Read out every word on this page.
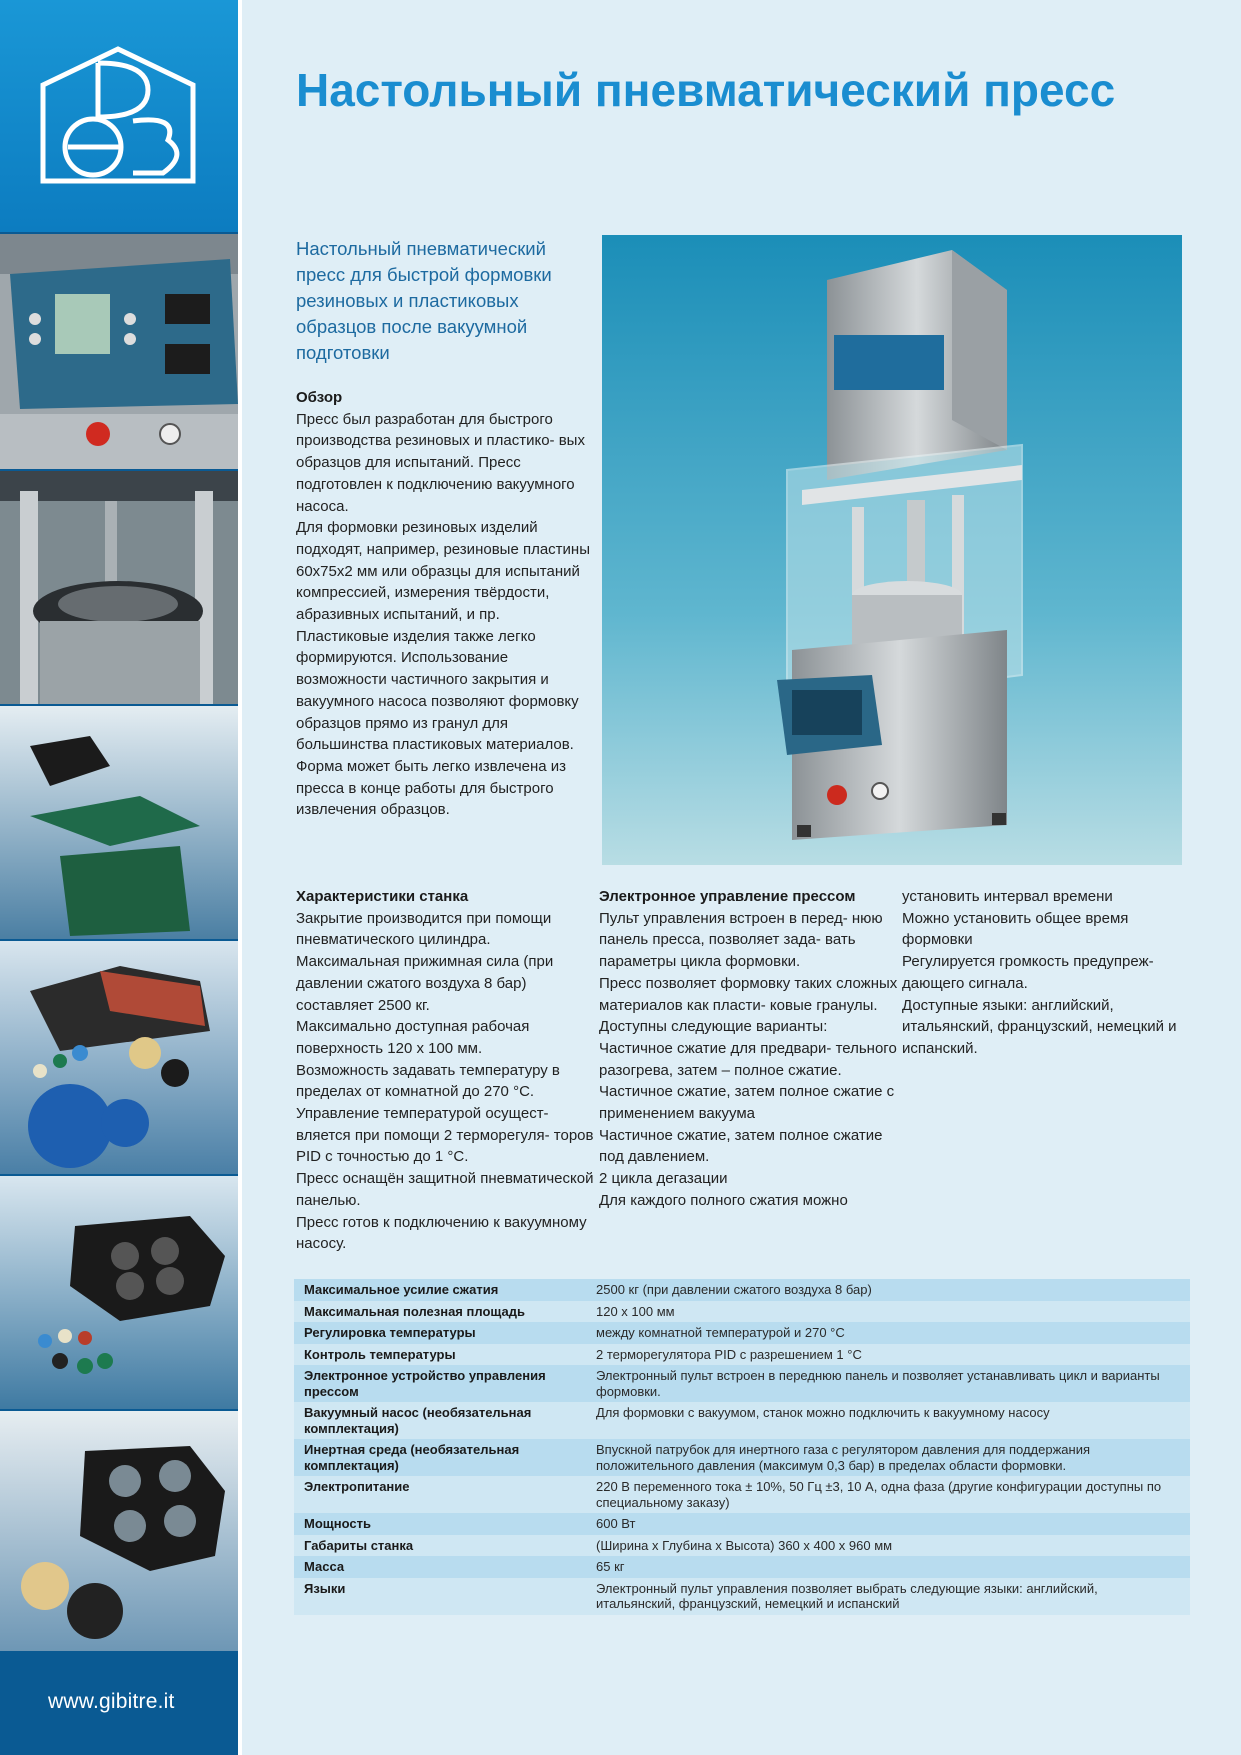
www.gibitre.it
Настольный пневматический пресс

Настольный пневматический пресс для быстрой формовки резиновых и пластиковых образцов после вакуумной подготовки

Обзор

Пресс был разработан для быстрого производства резиновых и пластико- вых образцов для испытаний. Пресс подготовлен к подключению вакуумного насоса.

Для формовки резиновых изделий подходят, например, резиновые пластины 60х75х2 мм или образцы для испытаний компрессией, измерения твёрдости, абразивных испытаний, и пр.

Пластиковые изделия также легко формируются. Использование возможности частичного закрытия и вакуумного насоса позволяют формовку образцов прямо из гранул для большинства пластиковых материалов.

Форма может быть легко извлечена из пресса в конце работы для быстрого извлечения образцов.

Характеристики станка

Закрытие производится при помощи пневматического цилиндра.

Максимальная прижимная сила (при давлении сжатого воздуха 8 бар) составляет 2500 кг.

Максимально доступная рабочая поверхность 120 x 100 мм.

Возможность задавать температуру в пределах от комнатной до 270 °C.

Управление температурой осущест- вляется при помощи 2 терморегуля- торов PID с точностью до 1 °C.

Пресс оснащён защитной пневматической панелью.

Пресс готов к подключению к вакуумному насосу.

Электронное управление прессом

Пульт управления встроен в перед- нюю панель пресса, позволяет зада- вать параметры цикла формовки.

Пресс позволяет формовку таких сложных материалов как пласти- ковые гранулы.

Доступны следующие варианты:

Частичное сжатие для предвари- тельного разогрева, затем – полное сжатие.

Частичное сжатие, затем полное сжатие с применением вакуума

Частичное сжатие, затем полное сжатие под давлением.

2 цикла дегазации

Для каждого полного сжатия можно

установить интервал времени

Можно установить общее время формовки

Регулируется громкость предупреж- дающего сигнала.

Доступные языки: английский, итальянский, французский, немецкий и испанский.

Максимальное усилие сжатия	2500 кг (при давлении сжатого воздуха 8 бар)
Максимальная полезная площадь	120 x 100 мм
Регулировка температуры	между комнатной температурой и 270 °C
Контроль температуры	2 терморегулятора PID с разрешением 1 °C
Электронное устройство управления прессом	Электронный пульт встроен в переднюю панель и позволяет устанавливать цикл и варианты формовки.
Вакуумный насос (необязательная комплектация)	Для формовки с вакуумом, станок можно подключить к вакуумному насосу
Инертная среда (необязательная комплектация)	Впускной патрубок для инертного газа с регулятором давления для поддержания положительного давления (максимум 0,3 бар) в пределах области формовки.
Электропитание	220 В переменного тока ± 10%, 50 Гц ±3, 10 А, одна фаза (другие конфигурации доступны по специальному заказу)
Мощность	600 Вт
Габариты станка	(Ширина x Глубина x Высота) 360 x 400 x 960 мм
Масса	65 кг
Языки	Электронный пульт управления позволяет выбрать следующие языки: английский, итальянский, французский, немецкий и испанский
